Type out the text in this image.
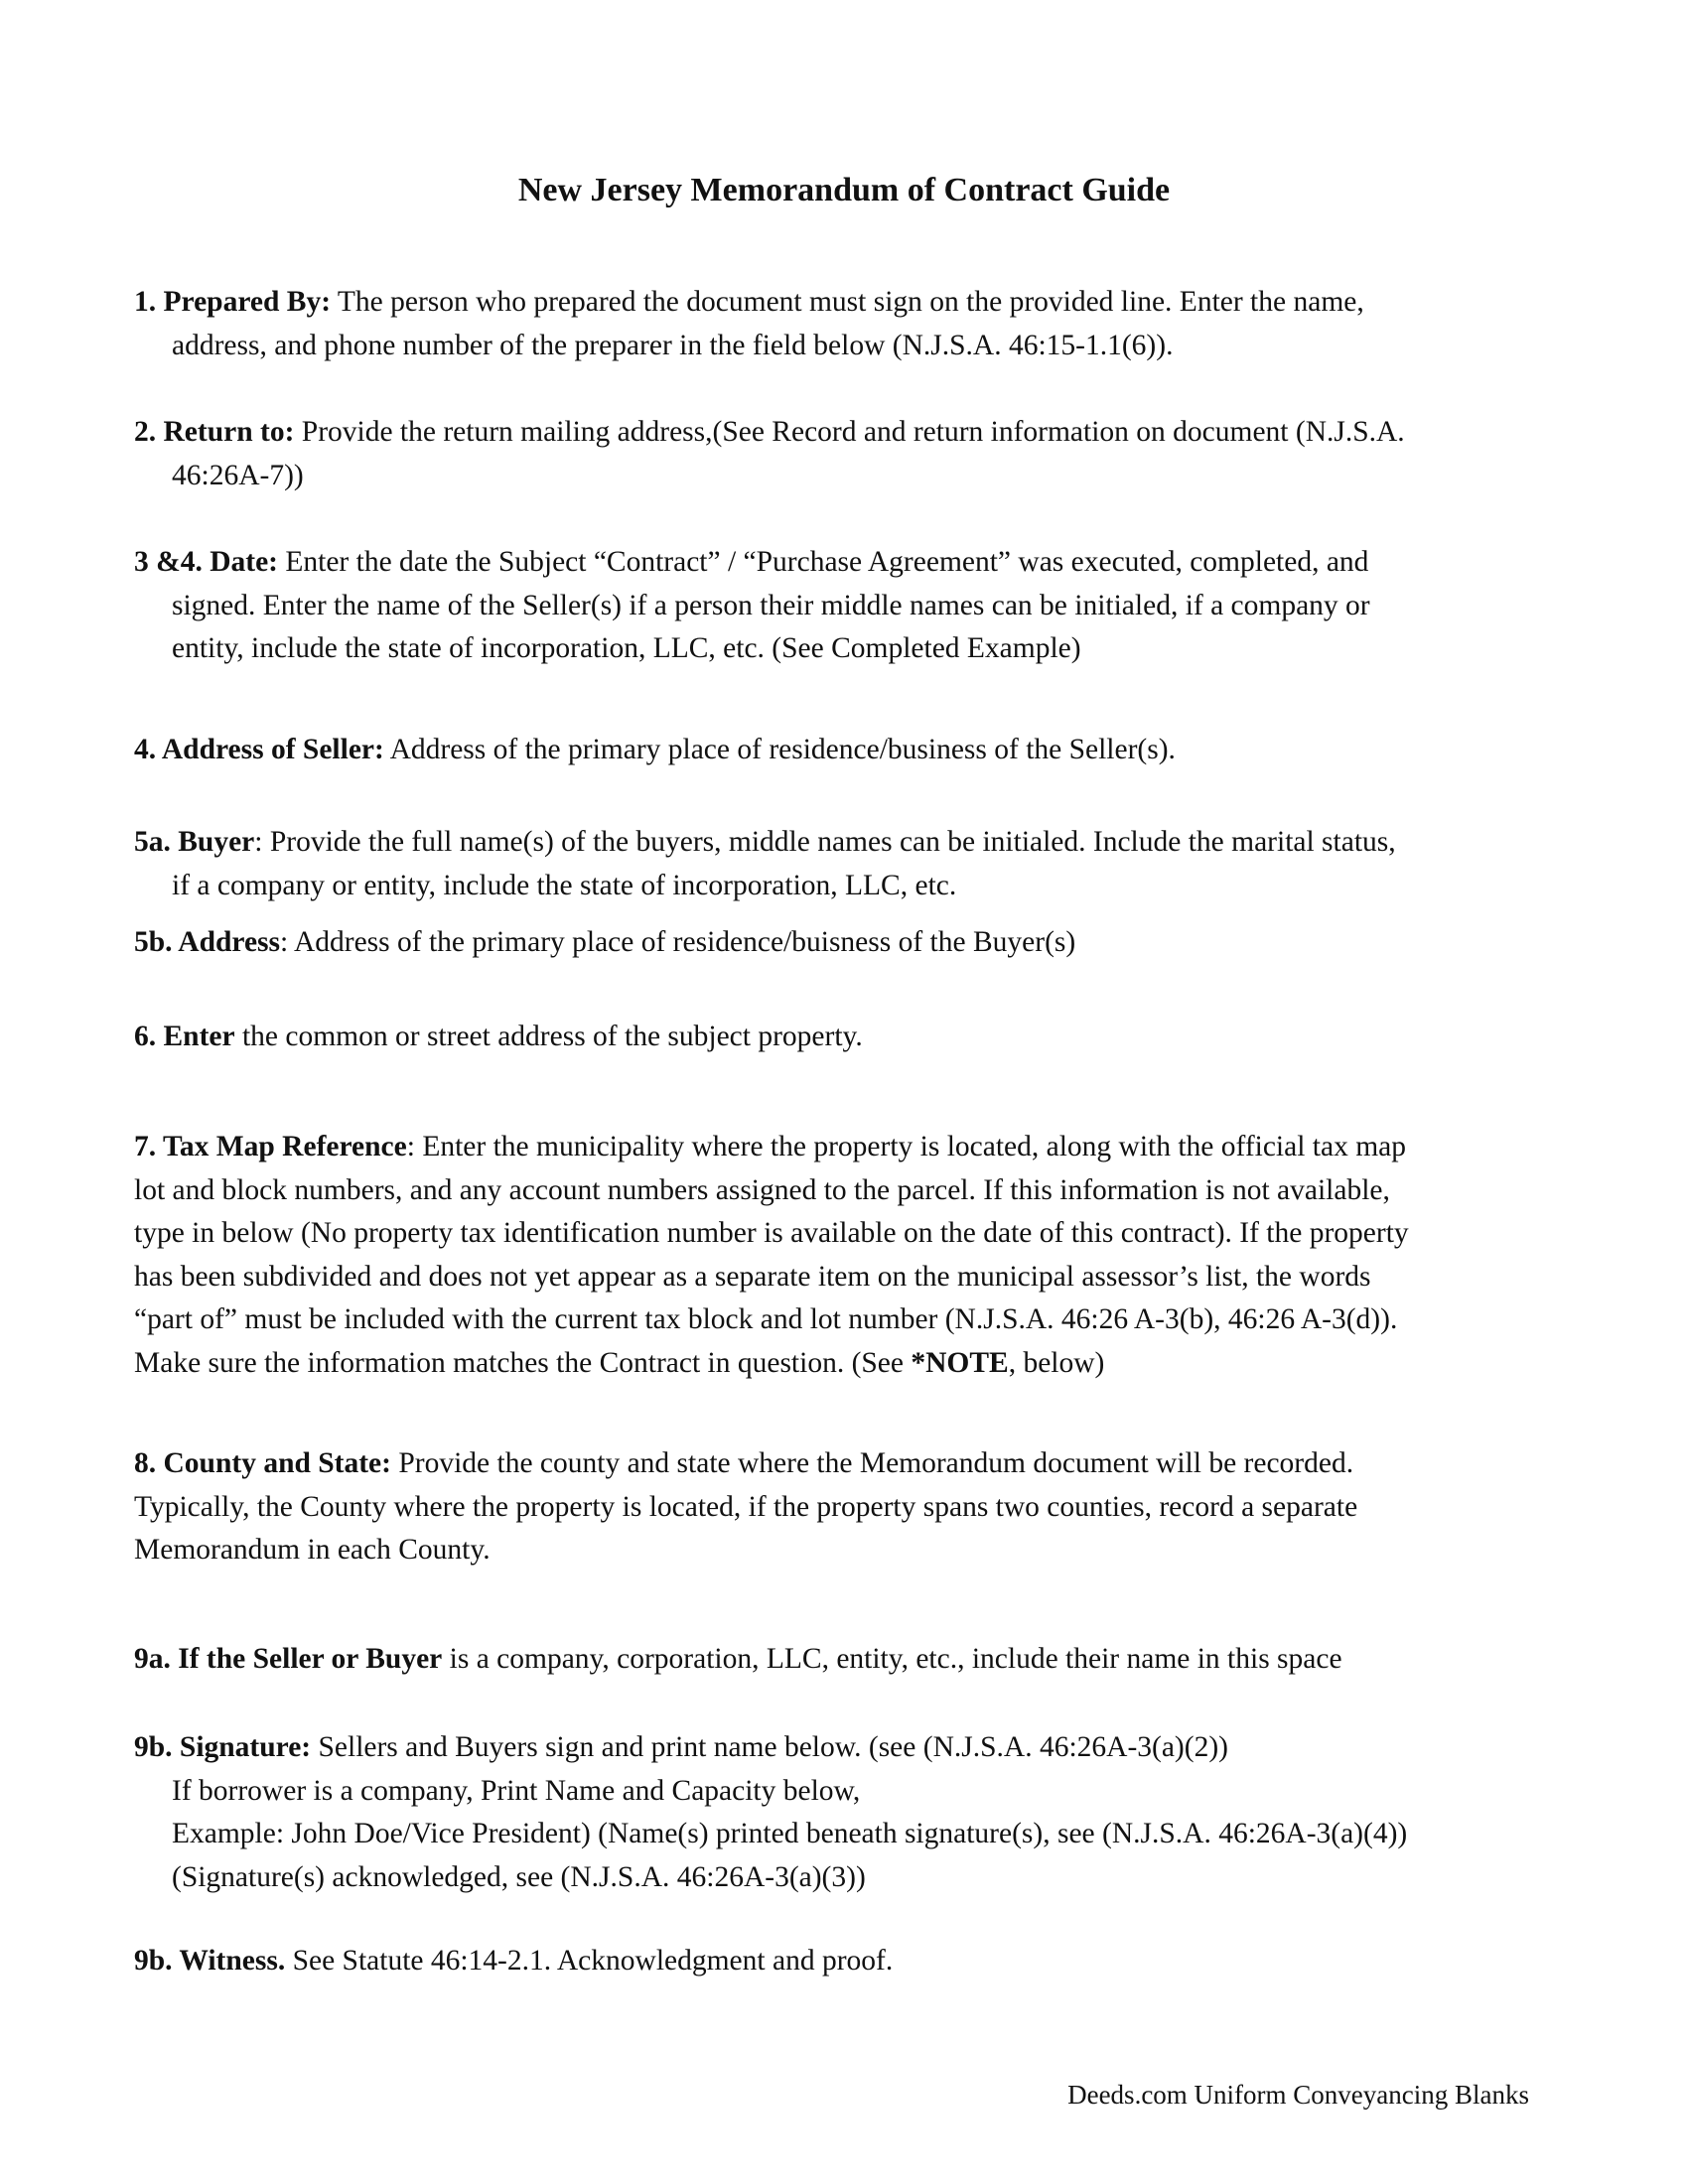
New Jersey Memorandum of Contract Guide

1. Prepared By: The person who prepared the document must sign on the provided line. Enter the name,
address, and phone number of the preparer in the field below (N.J.S.A. 46:15-1.1(6)).

2. Return to: Provide the return mailing address,(See Record and return information on document (N.J.S.A.
46:26A-7))

3 &4. Date: Enter the date the Subject “Contract” / “Purchase Agreement” was executed, completed, and
signed. Enter the name of the Seller(s) if a person their middle names can be initialed, if a company or
entity, include the state of incorporation, LLC, etc. (See Completed Example)

4. Address of Seller: Address of the primary place of residence/business of the Seller(s).

5a. Buyer: Provide the full name(s) of the buyers, middle names can be initialed. Include the marital status,
if a company or entity, include the state of incorporation, LLC, etc.

5b. Address: Address of the primary place of residence/buisness of the Buyer(s)

6. Enter the common or street address of the subject property.

7. Tax Map Reference: Enter the municipality where the property is located, along with the official tax map
lot and block numbers, and any account numbers assigned to the parcel. If this information is not available,
type in below (No property tax identification number is available on the date of this contract). If the property
has been subdivided and does not yet appear as a separate item on the municipal assessor’s list, the words
“part of” must be included with the current tax block and lot number (N.J.S.A. 46:26 A-3(b), 46:26 A-3(d)).
Make sure the information matches the Contract in question. (See *NOTE, below)

8. County and State: Provide the county and state where the Memorandum document will be recorded.
Typically, the County where the property is located, if the property spans two counties, record a separate
Memorandum in each County.

9a. If the Seller or Buyer is a company, corporation, LLC, entity, etc., include their name in this space

9b. Signature: Sellers and Buyers sign and print name below. (see (N.J.S.A. 46:26A-3(a)(2))
If borrower is a company, Print Name and Capacity below,
Example: John Doe/Vice President) (Name(s) printed beneath signature(s), see (N.J.S.A. 46:26A-3(a)(4))
(Signature(s) acknowledged, see (N.J.S.A. 46:26A-3(a)(3))

9b. Witness. See Statute 46:14-2.1. Acknowledgment and proof.

Deeds.com Uniform Conveyancing Blanks
